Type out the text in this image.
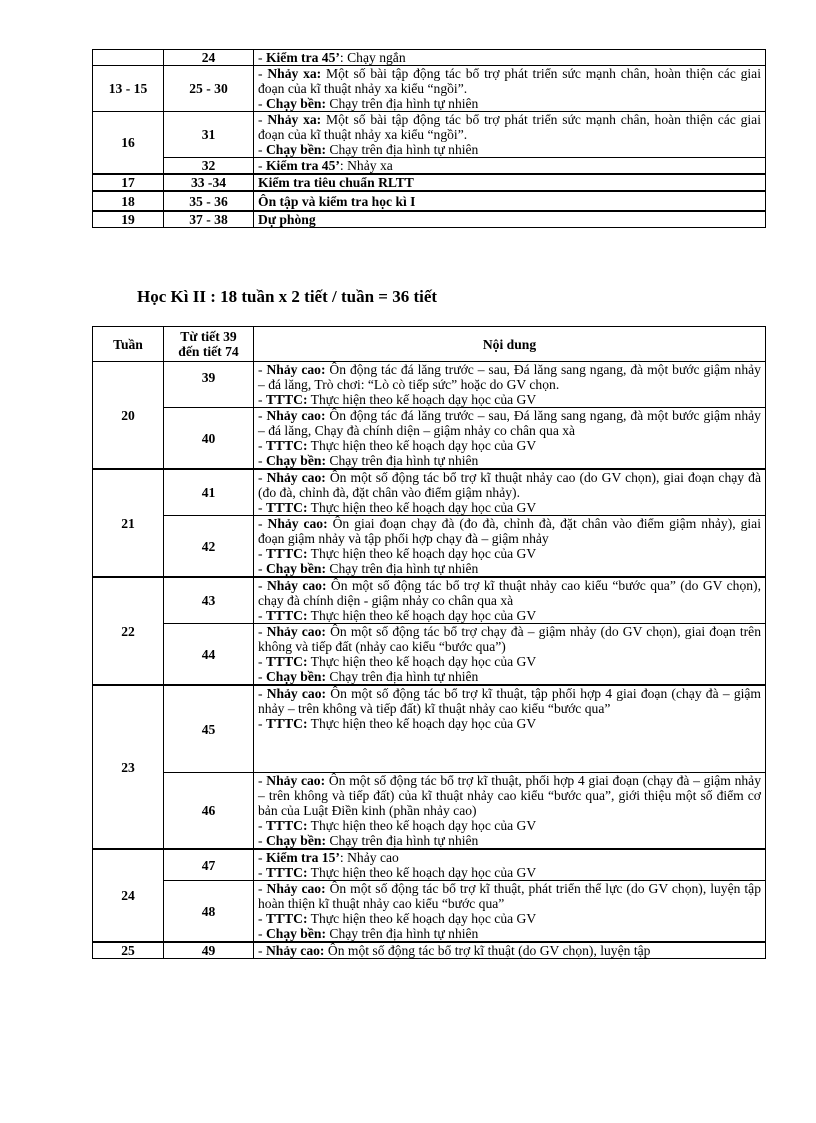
	24	- Kiểm tra 45’: Chạy ngắn

13 - 15	25 - 30	- Nhảy xa: Một số bài tập động tác bổ trợ phát triển sức mạnh chân, hoàn thiện các giai đoạn của kĩ thuật nhảy xa kiểu “ngồi”.
- Chạy bền: Chạy trên địa hình tự nhiên

16	31	- Nhảy xa: Một số bài tập động tác bổ trợ phát triển sức mạnh chân, hoàn thiện các giai đoạn của kĩ thuật nhảy xa kiểu “ngồi”.
- Chạy bền: Chạy trên địa hình tự nhiên

	32	- Kiểm tra 45’: Nhảy xa

17	33 -34	Kiểm tra tiêu chuẩn RLTT
18	35 - 36	Ôn tập và kiểm tra học kì I
19	37 - 38	Dự phòng
Học Kì II : 18 tuần x 2 tiết / tuần = 36 tiết
Tuần	Từ tiết 39
đến tiết 74	Nội dung
20	39	- Nhảy cao: Ôn động tác đá lăng trước – sau, Đá lăng sang ngang, đà một bước giậm nhảy – đá lăng, Trò chơi: “Lò cò tiếp sức” hoặc do GV chọn.
- TTTC: Thực hiện theo kế hoạch dạy học của GV

	40	- Nhảy cao: Ôn động tác đá lăng trước – sau, Đá lăng sang ngang, đà một bước giậm nhảy – đá lăng, Chạy đà chính diện – giậm nhảy co chân qua xà
- TTTC: Thực hiện theo kế hoạch dạy học của GV
- Chạy bền: Chạy trên địa hình tự nhiên

21	41	- Nhảy cao: Ôn một số động tác bổ trợ kĩ thuật nhảy cao (do GV chọn), giai đoạn chạy đà (đo đà, chỉnh đà, đặt chân vào điểm giậm nhảy).
- TTTC: Thực hiện theo kế hoạch dạy học của GV

	42	- Nhảy cao: Ôn giai đoạn chạy đà (đo đà, chỉnh đà, đặt chân vào điểm giậm nhảy), giai đoạn giậm nhảy và tập phối hợp chạy đà – giậm nhảy
- TTTC: Thực hiện theo kế hoạch dạy học của GV
- Chạy bền: Chạy trên địa hình tự nhiên

22	43	- Nhảy cao: Ôn một số động tác bổ trợ kĩ thuật nhảy cao kiểu “bước qua” (do GV chọn), chạy đà chính diện - giậm nhảy co chân qua xà
- TTTC: Thực hiện theo kế hoạch dạy học của GV

	44	- Nhảy cao: Ôn một số động tác bổ trợ chạy đà – giậm nhảy (do GV chọn), giai đoạn trên không và tiếp đất (nhảy cao kiểu “bước qua”)
- TTTC: Thực hiện theo kế hoạch dạy học của GV
- Chạy bền: Chạy trên địa hình tự nhiên

23	45	- Nhảy cao: Ôn một số động tác bổ trợ kĩ thuật, tập phối hợp 4 giai đoạn (chạy đà – giậm nhảy – trên không và tiếp đất) kĩ thuật nhảy cao kiểu “bước qua”
- TTTC: Thực hiện theo kế hoạch dạy học của GV

	46	- Nhảy cao: Ôn một số động tác bổ trợ kĩ thuật, phối hợp 4 giai đoạn (chạy đà – giậm nhảy – trên không và tiếp đất) của kĩ thuật nhảy cao kiểu “bước qua”, giới thiệu một số điểm cơ bản của Luật Điền kinh (phần nhảy cao)
- TTTC: Thực hiện theo kế hoạch dạy học của GV
- Chạy bền: Chạy trên địa hình tự nhiên

24	47	- Kiểm tra 15’: Nhảy cao
- TTTC: Thực hiện theo kế hoạch dạy học của GV

	48	- Nhảy cao: Ôn một số động tác bổ trợ kĩ thuật, phát triển thể lực (do GV chọn), luyện tập hoàn thiện kĩ thuật nhảy cao kiểu “bước qua”
- TTTC: Thực hiện theo kế hoạch dạy học của GV
- Chạy bền: Chạy trên địa hình tự nhiên

25	49	- Nhảy cao: Ôn một số động tác bổ trợ kĩ thuật (do GV chọn), luyện tập
